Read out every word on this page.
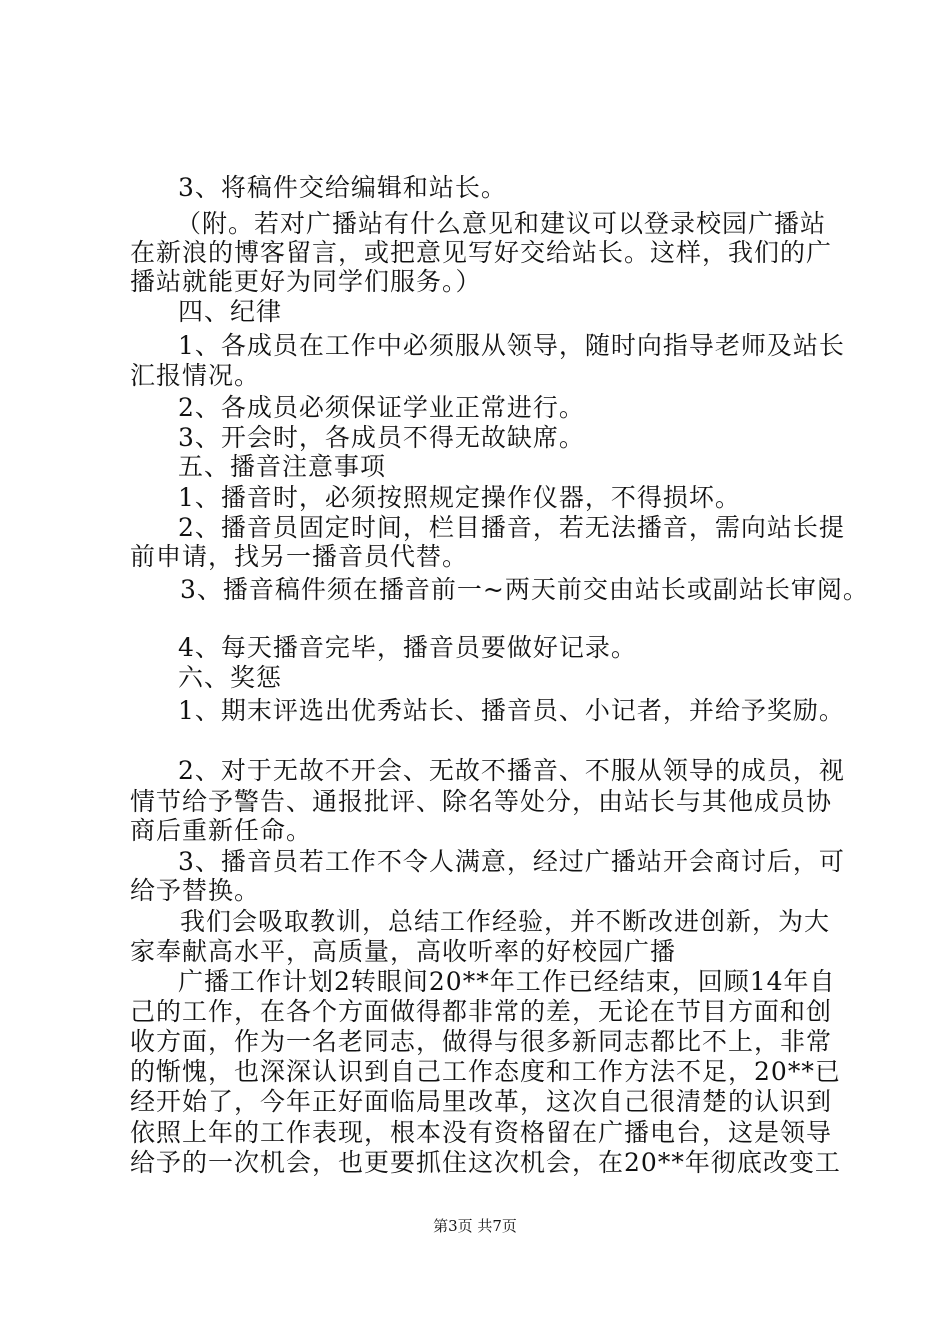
3、将稿件交给编辑和站长。
（附。若对广播站有什么意见和建议可以登录校园广播站
在新浪的博客留言，或把意见写好交给站长。这样，我们的广
播站就能更好为同学们服务。）
四、纪律
1、各成员在工作中必须服从领导，随时向指导老师及站长
汇报情况。
2、各成员必须保证学业正常进行。
3、开会时，各成员不得无故缺席。
五、播音注意事项
1、播音时，必须按照规定操作仪器，不得损坏。
2、播音员固定时间，栏目播音，若无法播音，需向站长提
前申请，找另一播音员代替。
3、播音稿件须在播音前一~两天前交由站长或副站长审阅。
4、每天播音完毕，播音员要做好记录。
六、奖惩
1、期末评选出优秀站长、播音员、小记者，并给予奖励。
2、对于无故不开会、无故不播音、不服从领导的成员，视
情节给予警告、通报批评、除名等处分，由站长与其他成员协
商后重新任命。
3、播音员若工作不令人满意，经过广播站开会商讨后，可
给予替换。
我们会吸取教训，总结工作经验，并不断改进创新，为大
家奉献高水平，高质量，高收听率的好校园广播
广播工作计划2转眼间20**年工作已经结束，回顾14年自
己的工作，在各个方面做得都非常的差，无论在节目方面和创
收方面，作为一名老同志，做得与很多新同志都比不上，非常
的惭愧，也深深认识到自己工作态度和工作方法不足，20**已
经开始了，今年正好面临局里改革，这次自己很清楚的认识到
依照上年的工作表现，根本没有资格留在广播电台，这是领导
给予的一次机会，也更要抓住这次机会，在20**年彻底改变工
第3页 共7页
